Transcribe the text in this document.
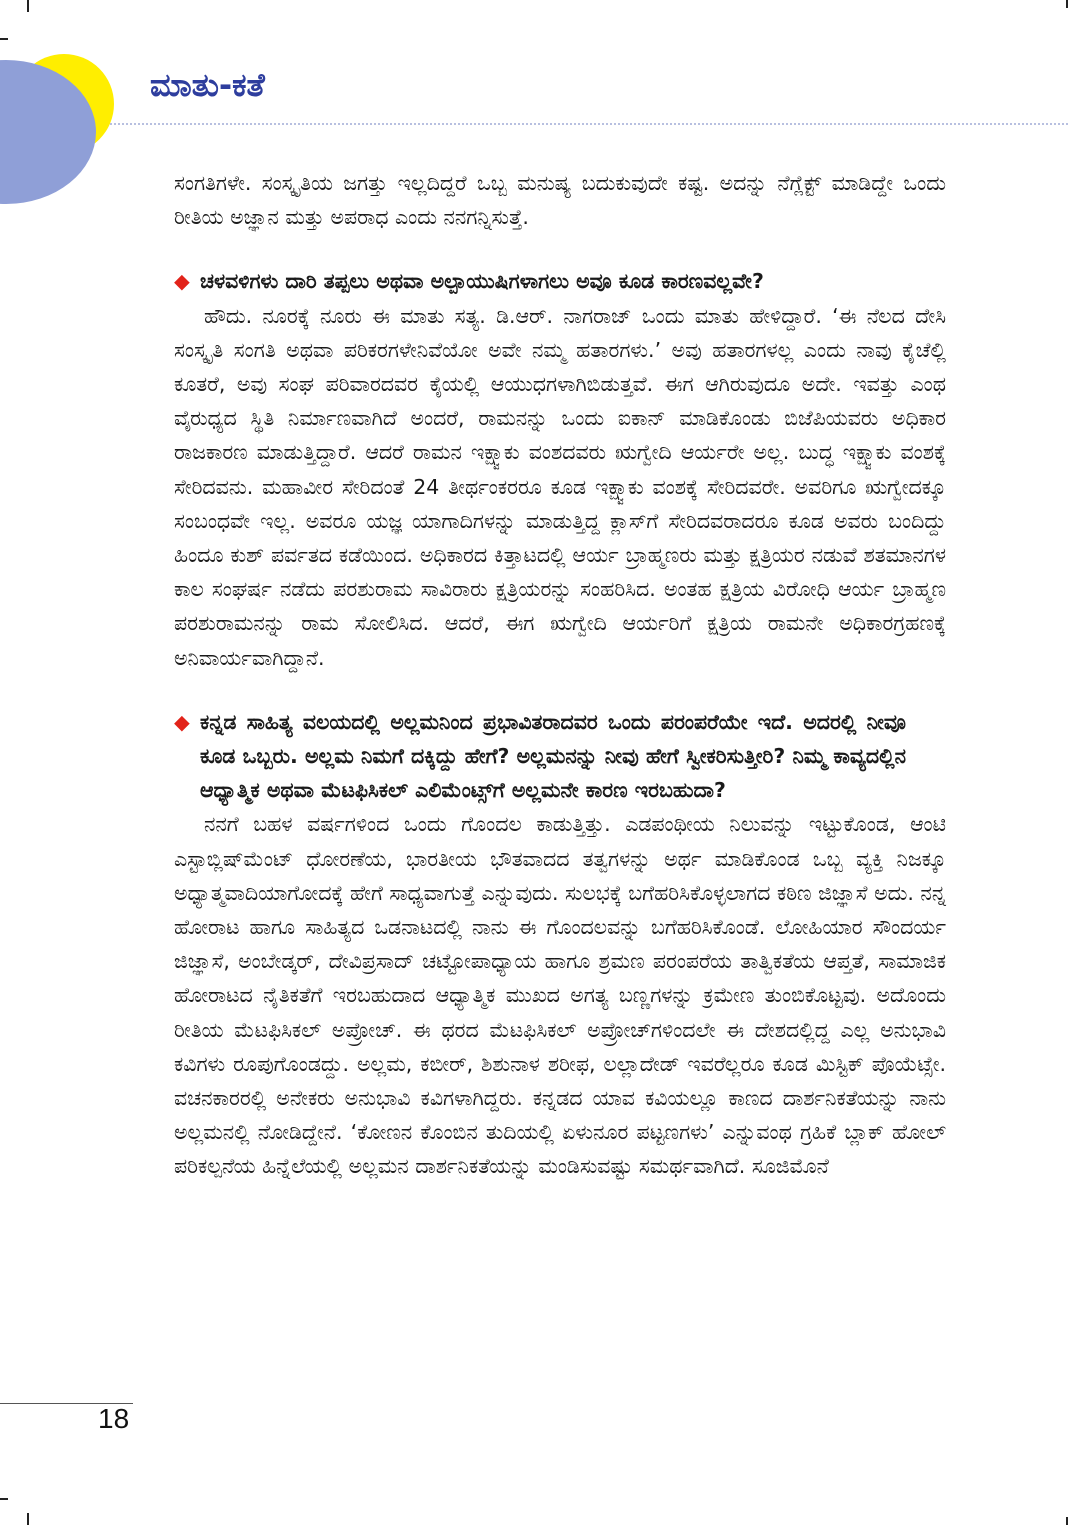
ಮಾತು-ಕತೆ

ಸಂಗತಿಗಳೇ. ಸಂಸ್ಕೃತಿಯ ಜಗತ್ತು ಇಲ್ಲದಿದ್ದರೆ ಒಬ್ಬ ಮನುಷ್ಯ ಬದುಕುವುದೇ ಕಷ್ಟ. ಅದನ್ನು ನೆಗ್ಲೆಕ್ಟ್ ಮಾಡಿದ್ದೇ ಒಂದು ರೀತಿಯ ಅಜ್ಞಾನ ಮತ್ತು ಅಪರಾಧ ಎಂದು ನನಗನ್ನಿಸುತ್ತೆ.

◆ ಚಳವಳಿಗಳು ದಾರಿ ತಪ್ಪಲು ಅಥವಾ ಅಲ್ಪಾಯುಷಿಗಳಾಗಲು ಅವೂ ಕೂಡ ಕಾರಣವಲ್ಲವೇ?

ಹೌದು. ನೂರಕ್ಕೆ ನೂರು ಈ ಮಾತು ಸತ್ಯ. ಡಿ.ಆರ್. ನಾಗರಾಜ್ ಒಂದು ಮಾತು ಹೇಳಿದ್ದಾರೆ. ‘ಈ ನೆಲದ ದೇಸಿ ಸಂಸ್ಕೃತಿ ಸಂಗತಿ ಅಥವಾ ಪರಿಕರಗಳೇನಿವೆಯೋ ಅವೇ ನಮ್ಮ ಹತಾರಗಳು.’ ಅವು ಹತಾರಗಳಲ್ಲ ಎಂದು ನಾವು ಕೈಚೆಲ್ಲಿ ಕೂತರೆ, ಅವು ಸಂಘ ಪರಿವಾರದವರ ಕೈಯಲ್ಲಿ ಆಯುಧಗಳಾಗಿಬಿಡುತ್ತವೆ. ಈಗ ಆಗಿರುವುದೂ ಅದೇ. ಇವತ್ತು ಎಂಥ ವೈರುಧ್ಯದ ಸ್ಥಿತಿ ನಿರ್ಮಾಣವಾಗಿದೆ ಅಂದರೆ, ರಾಮನನ್ನು ಒಂದು ಐಕಾನ್ ಮಾಡಿಕೊಂಡು ಬಿಜೆಪಿಯವರು ಅಧಿಕಾರ ರಾಜಕಾರಣ ಮಾಡುತ್ತಿದ್ದಾರೆ. ಆದರೆ ರಾಮನ ಇಕ್ಷ್ವಾಕು ವಂಶದವರು ಋಗ್ವೇದಿ ಆರ್ಯರೇ ಅಲ್ಲ. ಬುದ್ಧ ಇಕ್ಷ್ವಾಕು ವಂಶಕ್ಕೆ ಸೇರಿದವನು. ಮಹಾವೀರ ಸೇರಿದಂತೆ 24 ತೀರ್ಥಂಕರರೂ ಕೂಡ ಇಕ್ಷ್ವಾಕು ವಂಶಕ್ಕೆ ಸೇರಿದವರೇ. ಅವರಿಗೂ ಋಗ್ವೇದಕ್ಕೂ ಸಂಬಂಧವೇ ಇಲ್ಲ. ಅವರೂ ಯಜ್ಞ ಯಾಗಾದಿಗಳನ್ನು ಮಾಡುತ್ತಿದ್ದ ಕ್ಲಾಸ್‌ಗೆ ಸೇರಿದವರಾದರೂ ಕೂಡ ಅವರು ಬಂದಿದ್ದು ಹಿಂದೂ ಕುಶ್ ಪರ್ವತದ ಕಡೆಯಿಂದ. ಅಧಿಕಾರದ ಕಿತ್ತಾಟದಲ್ಲಿ ಆರ್ಯ ಬ್ರಾಹ್ಮಣರು ಮತ್ತು ಕ್ಷತ್ರಿಯರ ನಡುವೆ ಶತಮಾನಗಳ ಕಾಲ ಸಂಘರ್ಷ ನಡೆದು ಪರಶುರಾಮ ಸಾವಿರಾರು ಕ್ಷತ್ರಿಯರನ್ನು ಸಂಹರಿಸಿದ. ಅಂತಹ ಕ್ಷತ್ರಿಯ ವಿರೋಧಿ ಆರ್ಯ ಬ್ರಾಹ್ಮಣ ಪರಶುರಾಮನನ್ನು ರಾಮ ಸೋಲಿಸಿದ. ಆದರೆ, ಈಗ ಋಗ್ವೇದಿ ಆರ್ಯರಿಗೆ ಕ್ಷತ್ರಿಯ ರಾಮನೇ ಅಧಿಕಾರಗ್ರಹಣಕ್ಕೆ ಅನಿವಾರ್ಯವಾಗಿದ್ದಾನೆ.

◆ ಕನ್ನಡ ಸಾಹಿತ್ಯ ವಲಯದಲ್ಲಿ ಅಲ್ಲಮನಿಂದ ಪ್ರಭಾವಿತರಾದವರ ಒಂದು ಪರಂಪರೆಯೇ ಇದೆ. ಅದರಲ್ಲಿ ನೀವೂ ಕೂಡ ಒಬ್ಬರು. ಅಲ್ಲಮ ನಿಮಗೆ ದಕ್ಕಿದ್ದು ಹೇಗೆ? ಅಲ್ಲಮನನ್ನು ನೀವು ಹೇಗೆ ಸ್ವೀಕರಿಸುತ್ತೀರಿ? ನಿಮ್ಮ ಕಾವ್ಯದಲ್ಲಿನ ಆಧ್ಯಾತ್ಮಿಕ ಅಥವಾ ಮೆಟಫಿಸಿಕಲ್ ಎಲಿಮೆಂಟ್ಸ್‌ಗೆ ಅಲ್ಲಮನೇ ಕಾರಣ ಇರಬಹುದಾ?

ನನಗೆ ಬಹಳ ವರ್ಷಗಳಿಂದ ಒಂದು ಗೊಂದಲ ಕಾಡುತ್ತಿತ್ತು. ಎಡಪಂಥೀಯ ನಿಲುವನ್ನು ಇಟ್ಟುಕೊಂಡ, ಆಂಟಿ ಎಸ್ಟಾಬ್ಲಿಷ್‌ಮೆಂಟ್ ಧೋರಣೆಯ, ಭಾರತೀಯ ಭೌತವಾದದ ತತ್ವಗಳನ್ನು ಅರ್ಥ ಮಾಡಿಕೊಂಡ ಒಬ್ಬ ವ್ಯಕ್ತಿ ನಿಜಕ್ಕೂ ಅಧ್ಯಾತ್ಮವಾದಿಯಾಗೋದಕ್ಕೆ ಹೇಗೆ ಸಾಧ್ಯವಾಗುತ್ತೆ ಎನ್ನುವುದು. ಸುಲಭಕ್ಕೆ ಬಗೆಹರಿಸಿಕೊಳ್ಳಲಾಗದ ಕಠಿಣ ಜಿಜ್ಞಾಸೆ ಅದು. ನನ್ನ ಹೋರಾಟ ಹಾಗೂ ಸಾಹಿತ್ಯದ ಒಡನಾಟದಲ್ಲಿ ನಾನು ಈ ಗೊಂದಲವನ್ನು ಬಗೆಹರಿಸಿಕೊಂಡೆ. ಲೋಹಿಯಾರ ಸೌಂದರ್ಯ ಜಿಜ್ಞಾಸೆ, ಅಂಬೇಡ್ಕರ್, ದೇವಿಪ್ರಸಾದ್ ಚಟ್ಟೋಪಾಧ್ಯಾಯ ಹಾಗೂ ಶ್ರಮಣ ಪರಂಪರೆಯ ತಾತ್ವಿಕತೆಯ ಆಪ್ತತೆ, ಸಾಮಾಜಿಕ ಹೋರಾಟದ ನೈತಿಕತೆಗೆ ಇರಬಹುದಾದ ಆಧ್ಯಾತ್ಮಿಕ ಮುಖದ ಅಗತ್ಯ ಬಣ್ಣಗಳನ್ನು ಕ್ರಮೇಣ ತುಂಬಿಕೊಟ್ಟವು. ಅದೊಂದು ರೀತಿಯ ಮೆಟಫಿಸಿಕಲ್ ಅಪ್ರೋಚ್. ಈ ಥರದ ಮೆಟಫಿಸಿಕಲ್ ಅಪ್ರೋಚ್‌ಗಳಿಂದಲೇ ಈ ದೇಶದಲ್ಲಿದ್ದ ಎಲ್ಲ ಅನುಭಾವಿ ಕವಿಗಳು ರೂಪುಗೊಂಡದ್ದು. ಅಲ್ಲಮ, ಕಬೀರ್, ಶಿಶುನಾಳ ಶರೀಫ, ಲಲ್ಲಾದೇಡ್ ಇವರೆಲ್ಲರೂ ಕೂಡ ಮಿಸ್ಟಿಕ್ ಪೊಯೆಟ್ಸೇ. ವಚನಕಾರರಲ್ಲಿ ಅನೇಕರು ಅನುಭಾವಿ ಕವಿಗಳಾಗಿದ್ದರು. ಕನ್ನಡದ ಯಾವ ಕವಿಯಲ್ಲೂ ಕಾಣದ ದಾರ್ಶನಿಕತೆಯನ್ನು ನಾನು ಅಲ್ಲಮನಲ್ಲಿ ನೋಡಿದ್ದೇನೆ. ‘ಕೋಣನ ಕೊಂಬಿನ ತುದಿಯಲ್ಲಿ ಏಳುನೂರ ಪಟ್ಟಣಗಳು’ ಎನ್ನುವಂಥ ಗ್ರಹಿಕೆ ಬ್ಲಾಕ್ ಹೋಲ್ ಪರಿಕಲ್ಪನೆಯ ಹಿನ್ನೆಲೆಯಲ್ಲಿ ಅಲ್ಲಮನ ದಾರ್ಶನಿಕತೆಯನ್ನು ಮಂಡಿಸುವಷ್ಟು ಸಮರ್ಥವಾಗಿದೆ. ಸೂಜಿಮೊನೆ

18
